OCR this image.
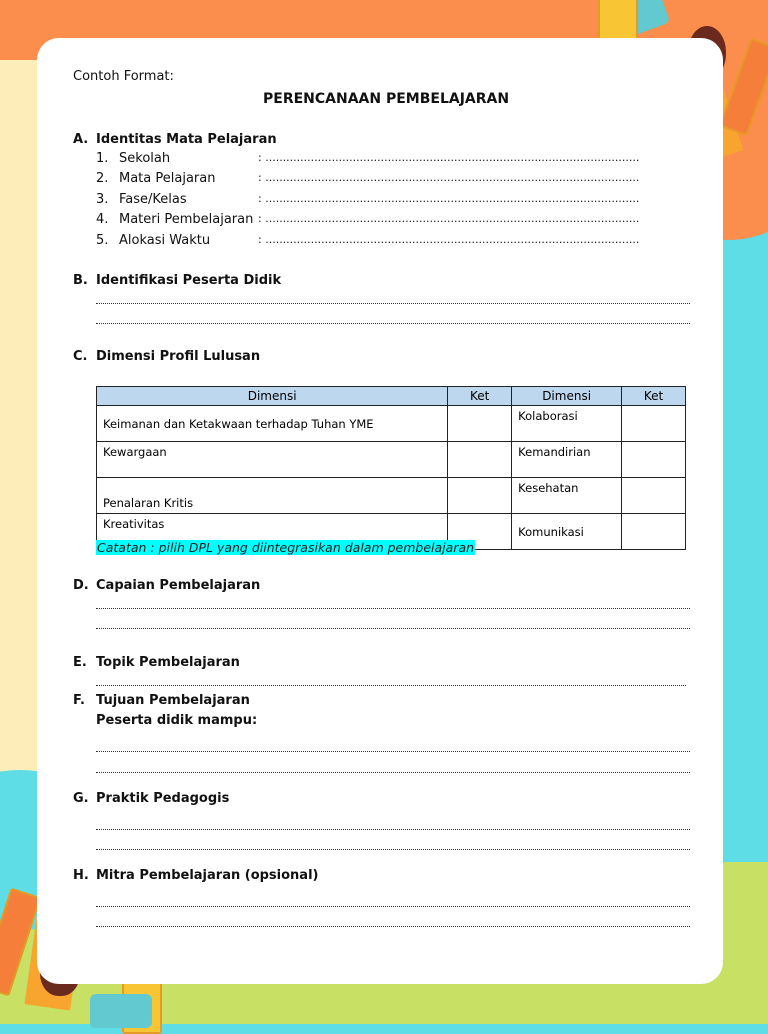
Contoh Format:
PERENCANAAN PEMBELAJARAN
A. Identitas Mata Pelajaran
1. Sekolah	: ...........................................................................................................
2. Mata Pelajaran	: ...........................................................................................................
3. Fase/Kelas	: ...........................................................................................................
4. Materi Pembelajaran : ...........................................................................................................
5. Alokasi Waktu	: ...........................................................................................................
B. Identifikasi Peserta Didik
C. Dimensi Profil Lulusan
Dimensi	Ket	Dimensi	Ket
Keimanan dan Ketakwaan terhadap Tuhan YME		Kolaborasi	
Kewargaan		Kemandirian	
Penalaran Kritis		Kesehatan	
Kreativitas		Komunikasi	
Catatan : pilih DPL yang diintegrasikan dalam pembelajaran
D. Capaian Pembelajaran
E. Topik Pembelajaran
F. Tujuan Pembelajaran
Peserta didik mampu:
G. Praktik Pedagogis
H. Mitra Pembelajaran (opsional)
